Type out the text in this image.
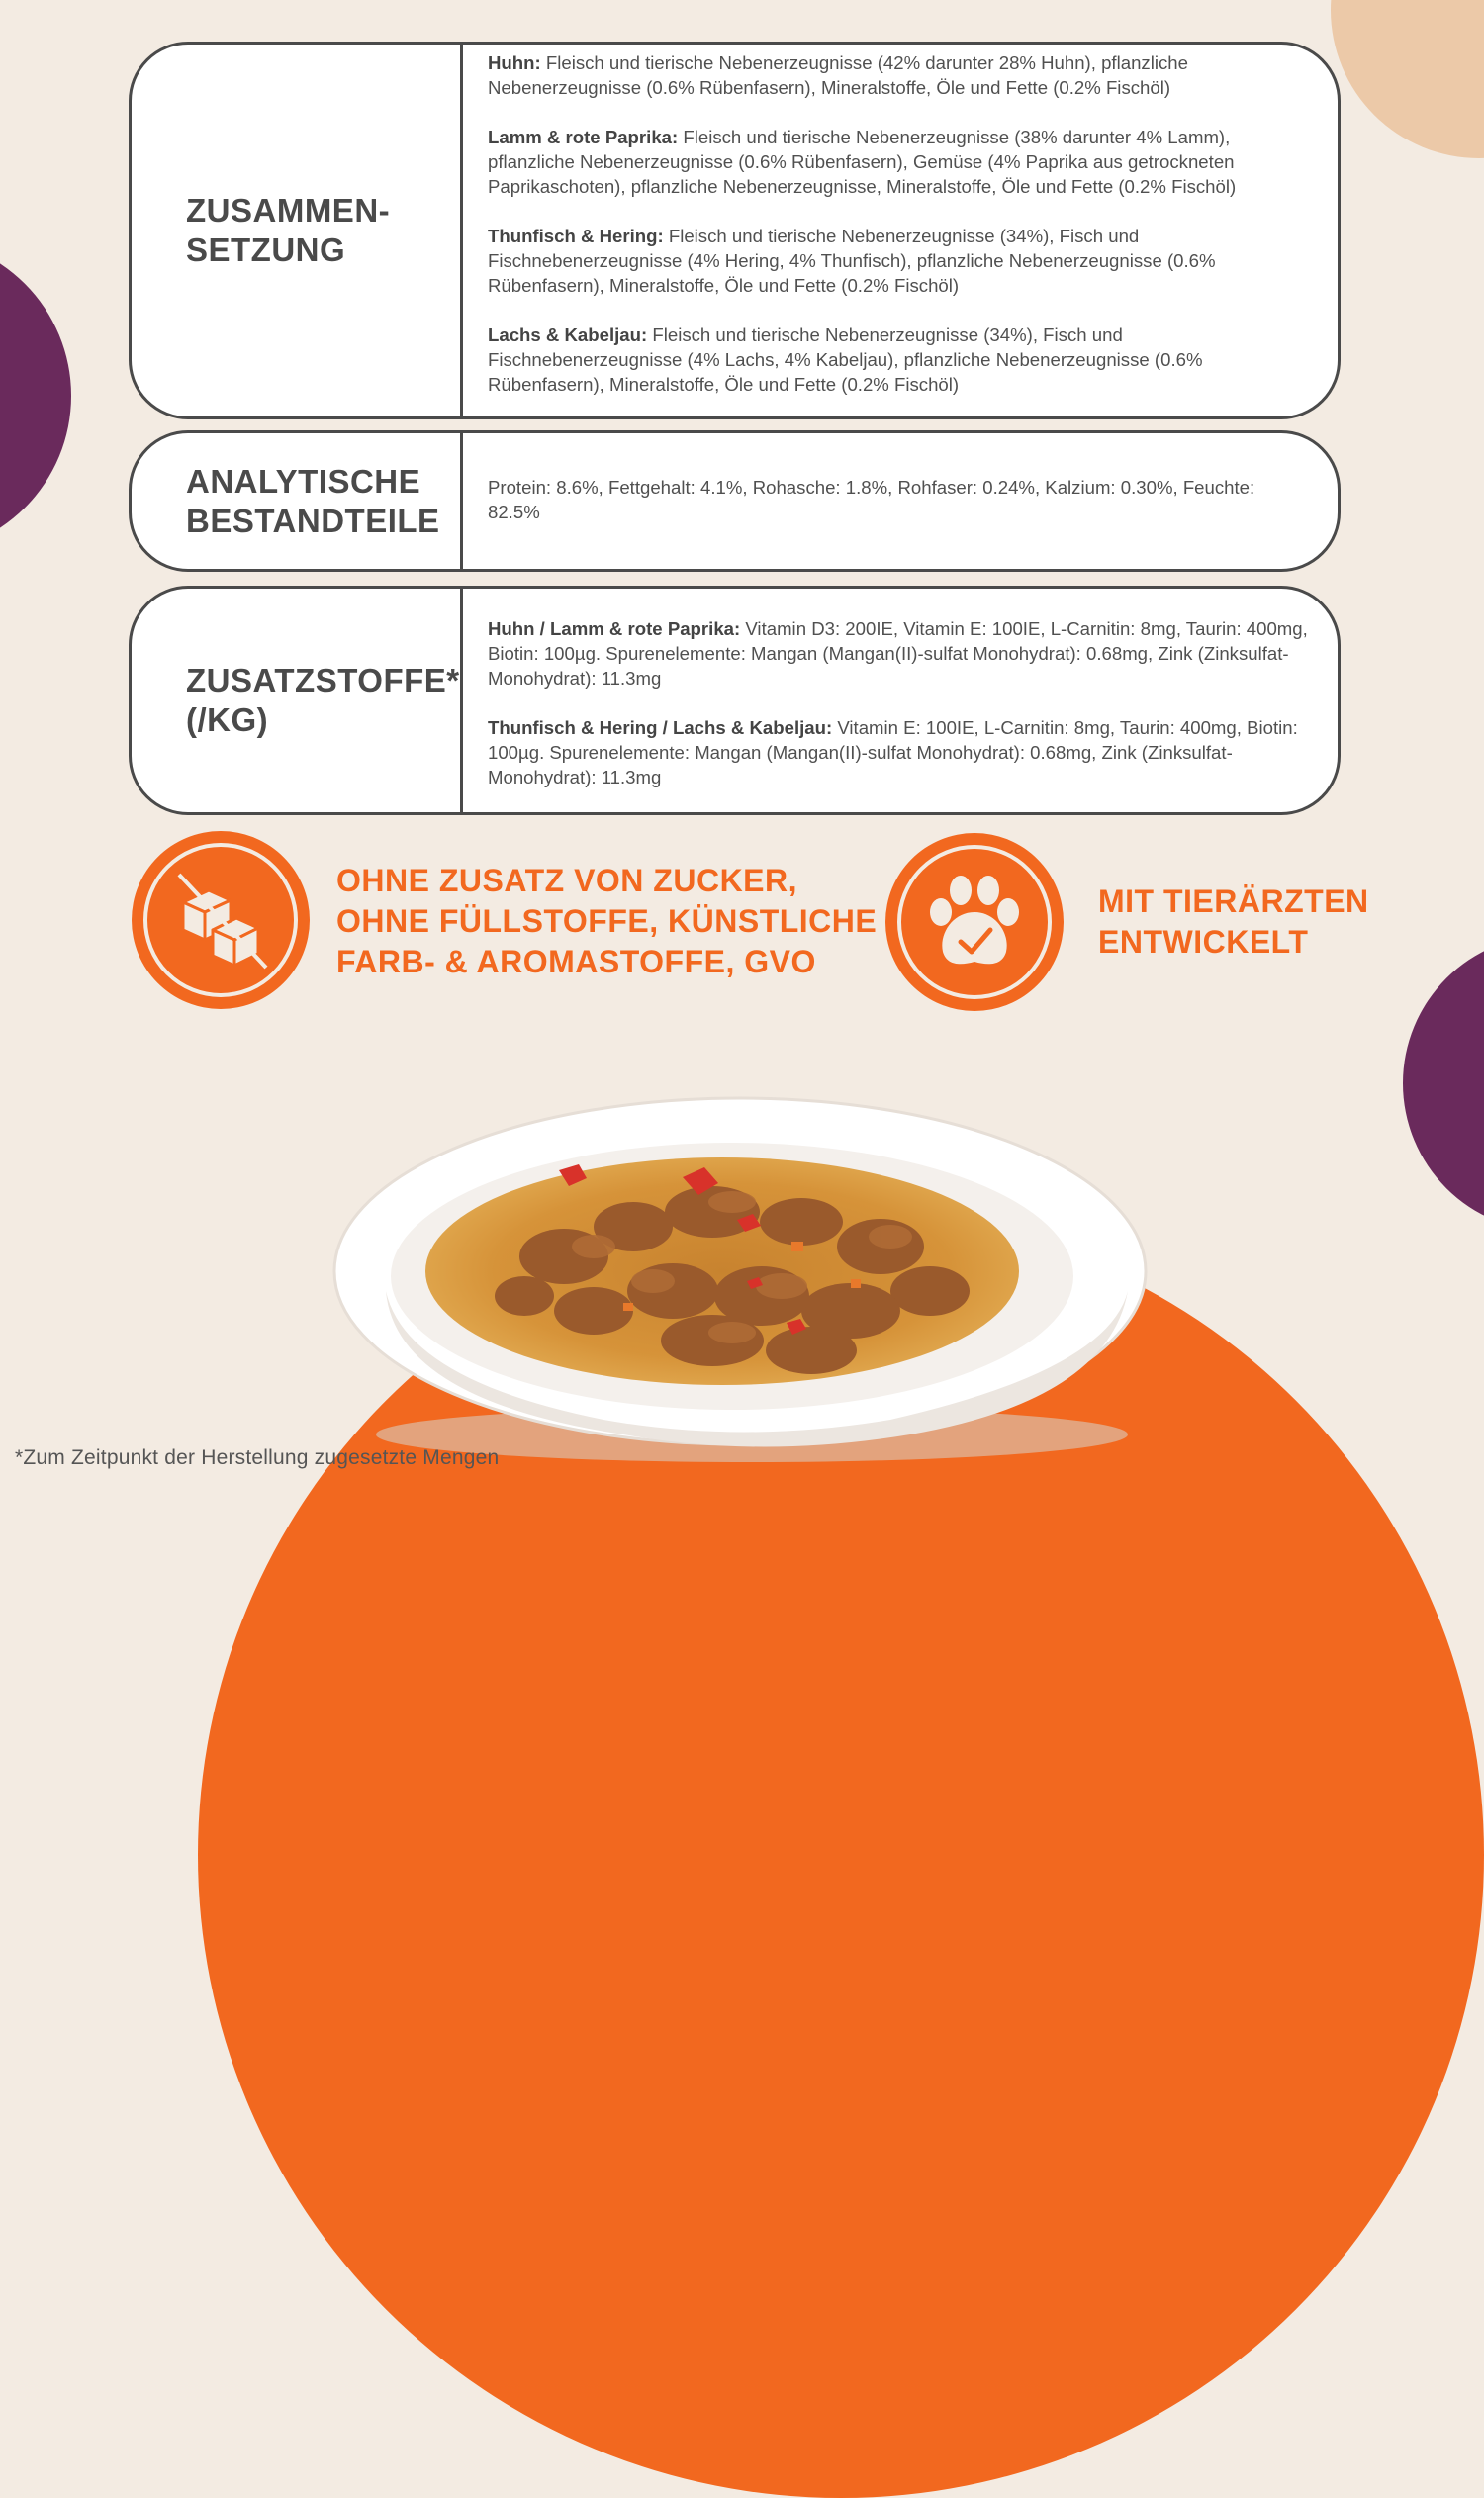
ZUSAMMEN-
SETZUNG

Huhn: Fleisch und tierische Nebenerzeugnisse (42% darunter 28% Huhn), pflanzliche Nebenerzeugnisse (0.6% Rübenfasern), Mineralstoffe, Öle und Fette (0.2% Fischöl)

Lamm & rote Paprika: Fleisch und tierische Nebenerzeugnisse (38% darunter 4% Lamm), pflanzliche Nebenerzeugnisse (0.6% Rübenfasern), Gemüse (4% Paprika aus getrockneten Paprikaschoten), pflanzliche Nebenerzeugnisse, Mineralstoffe, Öle und Fette (0.2% Fischöl)

Thunfisch & Hering: Fleisch und tierische Nebenerzeugnisse (34%), Fisch und Fischnebenerzeugnisse (4% Hering, 4% Thunfisch), pflanzliche Nebenerzeugnisse (0.6% Rübenfasern), Mineralstoffe, Öle und Fette (0.2% Fischöl)

Lachs & Kabeljau: Fleisch und tierische Nebenerzeugnisse (34%), Fisch und Fischnebenerzeugnisse (4% Lachs, 4% Kabeljau), pflanzliche Nebenerzeugnisse (0.6% Rübenfasern), Mineralstoffe, Öle und Fette (0.2% Fischöl)

ANALYTISCHE
BESTANDTEILE

Protein: 8.6%, Fettgehalt: 4.1%, Rohasche: 1.8%, Rohfaser: 0.24%, Kalzium: 0.30%, Feuchte: 82.5%

ZUSATZSTOFFE*
(/KG)

Huhn / Lamm & rote Paprika: Vitamin D3: 200IE, Vitamin E: 100IE, L-Carnitin: 8mg, Taurin: 400mg, Biotin: 100µg. Spurenelemente: Mangan (Mangan(II)-sulfat Monohydrat): 0.68mg, Zink (Zinksulfat-Monohydrat): 11.3mg

Thunfisch & Hering / Lachs & Kabeljau: Vitamin E: 100IE, L-Carnitin: 8mg, Taurin: 400mg, Biotin: 100µg. Spurenelemente: Mangan (Mangan(II)-sulfat Monohydrat): 0.68mg, Zink (Zinksulfat-Monohydrat): 11.3mg

OHNE ZUSATZ VON ZUCKER,
OHNE FÜLLSTOFFE, KÜNSTLICHE
FARB- & AROMASTOFFE, GVO
MIT TIERÄRZTEN
ENTWICKELT
*Zum Zeitpunkt der Herstellung zugesetzte Mengen
